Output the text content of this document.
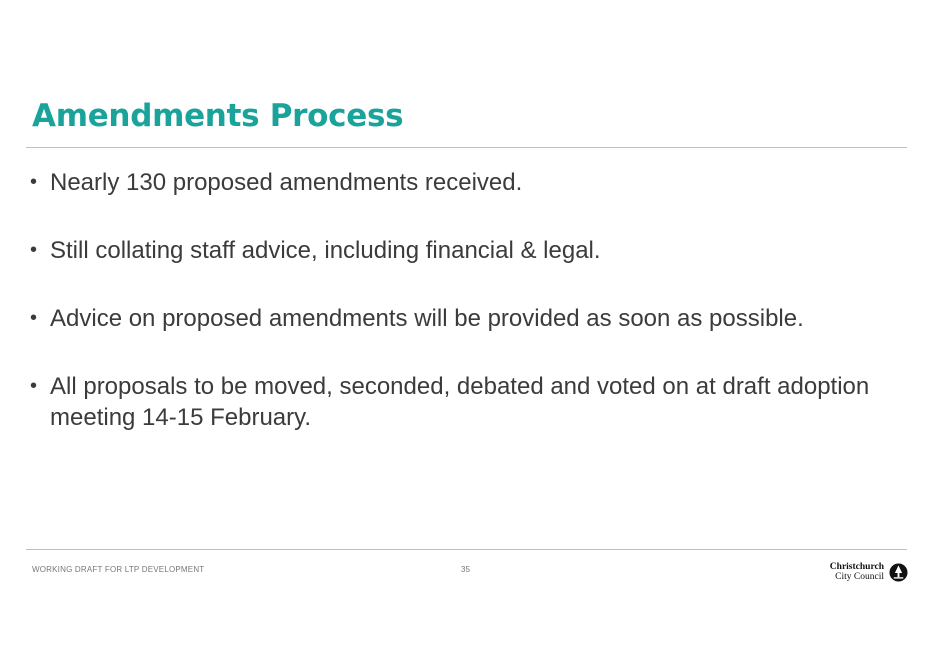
Amendments Process
• Nearly 130 proposed amendments received.
• Still collating staff advice, including financial & legal.
• Advice on proposed amendments will be provided as soon as possible.
• All proposals to be moved, seconded, debated and voted on at draft adoption meeting 14-15 February.
WORKING DRAFT FOR LTP DEVELOPMENT	35	Christchurch
City Council
